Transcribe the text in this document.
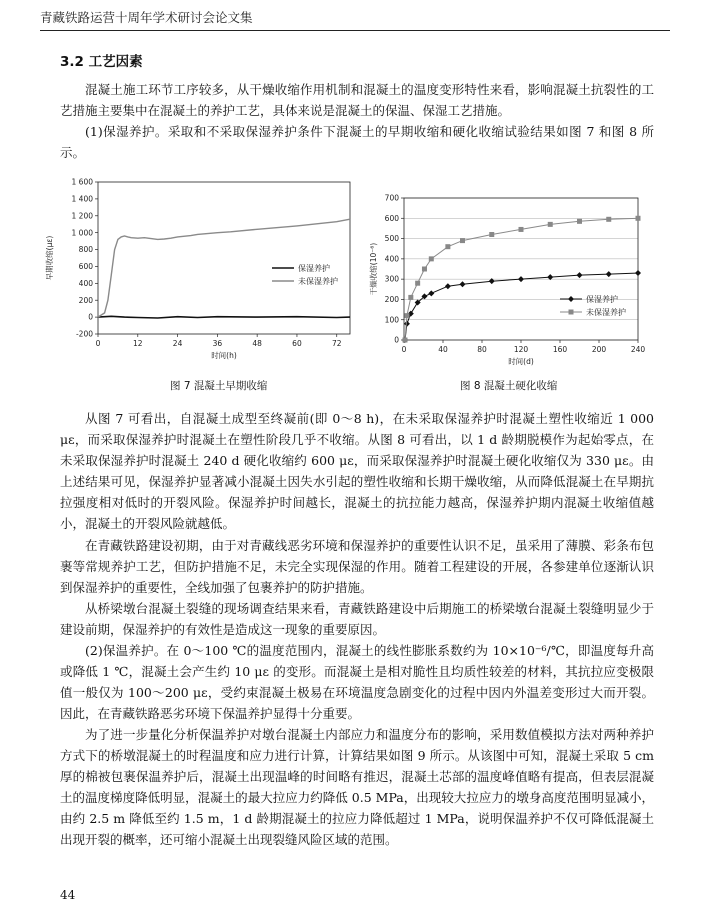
青藏铁路运营十周年学术研讨会论文集
3.2 工艺因素

混凝土施工环节工序较多，从干燥收缩作用机制和混凝土的温度变形特性来看，影响混凝土抗裂性的工艺措施主要集中在混凝土的养护工艺，具体来说是混凝土的保温、保湿工艺措施。

(1)保湿养护。采取和不采取保湿养护条件下混凝土的早期收缩和硬化收缩试验结果如图 7 和图 8 所示。

-200
0
200
400
600
800
1 000
1 200
1 400
1 600
0	12	24	36	48	60	72
时间(h)
早期收缩(με)	保湿养护
未保湿养护
图 7 混凝土早期收缩
0
100
200
300
400
500
600
700
0	40	80	120	160	200	240
时间(d)
干燥收缩(10⁻⁶)
保湿养护
未保湿养护
图 8 混凝土硬化收缩

从图 7 可看出，自混凝土成型至终凝前(即 0～8 h)，在未采取保湿养护时混凝土塑性收缩近 1 000 με，而采取保湿养护时混凝土在塑性阶段几乎不收缩。从图 8 可看出，以 1 d 龄期脱模作为起始零点，在未采取保湿养护时混凝土 240 d 硬化收缩约 600 με，而采取保湿养护时混凝土硬化收缩仅为 330 με。由上述结果可见，保湿养护显著减小混凝土因失水引起的塑性收缩和长期干燥收缩，从而降低混凝土在早期抗拉强度相对低时的开裂风险。保湿养护时间越长，混凝土的抗拉能力越高，保湿养护期内混凝土收缩值越小，混凝土的开裂风险就越低。

在青藏铁路建设初期，由于对青藏线恶劣环境和保湿养护的重要性认识不足，虽采用了薄膜、彩条布包裹等常规养护工艺，但防护措施不足，未完全实现保湿的作用。随着工程建设的开展，各参建单位逐渐认识到保湿养护的重要性，全线加强了包裹养护的防护措施。

从桥梁墩台混凝土裂缝的现场调查结果来看，青藏铁路建设中后期施工的桥梁墩台混凝土裂缝明显少于建设前期，保湿养护的有效性是造成这一现象的重要原因。

(2)保温养护。在 0～100 ℃的温度范围内，混凝土的线性膨胀系数约为 10×10⁻⁶/℃，即温度每升高或降低 1 ℃，混凝土会产生约 10 με 的变形。而混凝土是相对脆性且均质性较差的材料，其抗拉应变极限值一般仅为 100～200 με，受约束混凝土极易在环境温度急剧变化的过程中因内外温差变形过大而开裂。因此，在青藏铁路恶劣环境下保温养护显得十分重要。

为了进一步量化分析保温养护对墩台混凝土内部应力和温度分布的影响，采用数值模拟方法对两种养护方式下的桥墩混凝土的时程温度和应力进行计算，计算结果如图 9 所示。从该图中可知，混凝土采取 5 cm 厚的棉被包裹保温养护后，混凝土出现温峰的时间略有推迟，混凝土芯部的温度峰值略有提高，但表层混凝土的温度梯度降低明显，混凝土的最大拉应力约降低 0.5 MPa，出现较大拉应力的墩身高度范围明显减小，由约 2.5 m 降低至约 1.5 m，1 d 龄期混凝土的拉应力降低超过 1 MPa，说明保温养护不仅可降低混凝土出现开裂的概率，还可缩小混凝土出现裂缝风险区域的范围。

44
